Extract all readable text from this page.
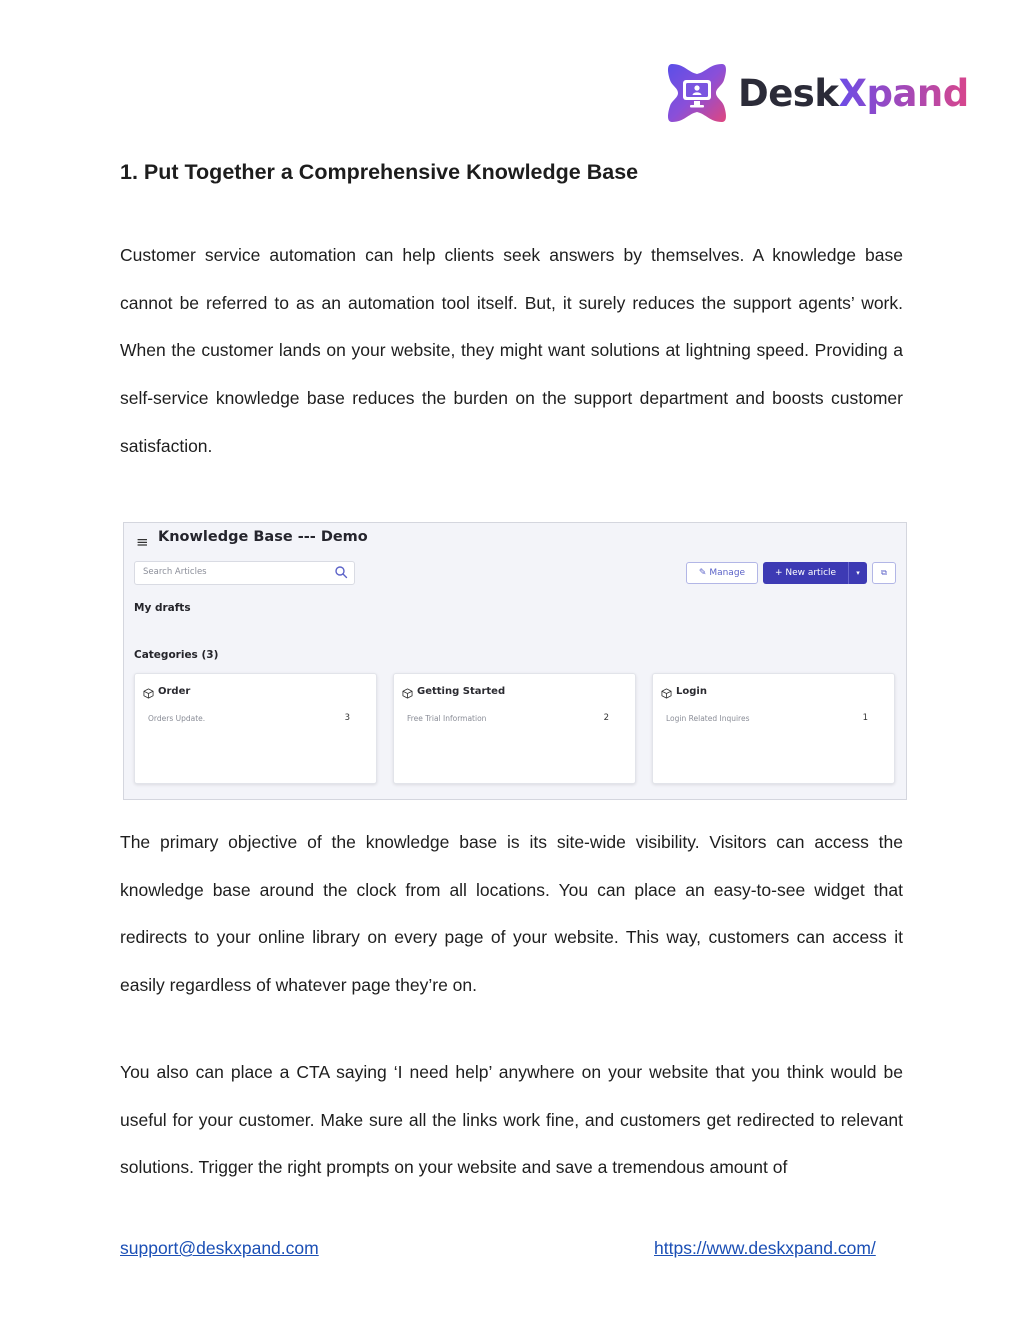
DeskXpand
1. Put Together a Comprehensive Knowledge Base

Customer service automation can help clients seek answers by themselves. A knowledge base cannot be referred to as an automation tool itself. But, it surely reduces the support agents’ work. When the customer lands on your website, they might want solutions at lightning speed. Providing a self-service knowledge base reduces the burden on the support department and boosts customer satisfaction.

≡ Knowledge Base --- Demo
Search Articles	✎ Manage	+ New article	▾	⧉
My drafts
Categories (3)
Order
Orders Update.	3
Getting Started
Free Trial Information	2
Login
Login Related Inquires	1

The primary objective of the knowledge base is its site-wide visibility. Visitors can access the knowledge base around the clock from all locations. You can place an easy-to-see widget that redirects to your online library on every page of your website. This way, customers can access it easily regardless of whatever page they’re on.

You also can place a CTA saying ‘I need help’ anywhere on your website that you think would be useful for your customer. Make sure all the links work fine, and customers get redirected to relevant solutions. Trigger the right prompts on your website and save a tremendous amount of

support@deskxpand.com	https://www.deskxpand.com/
